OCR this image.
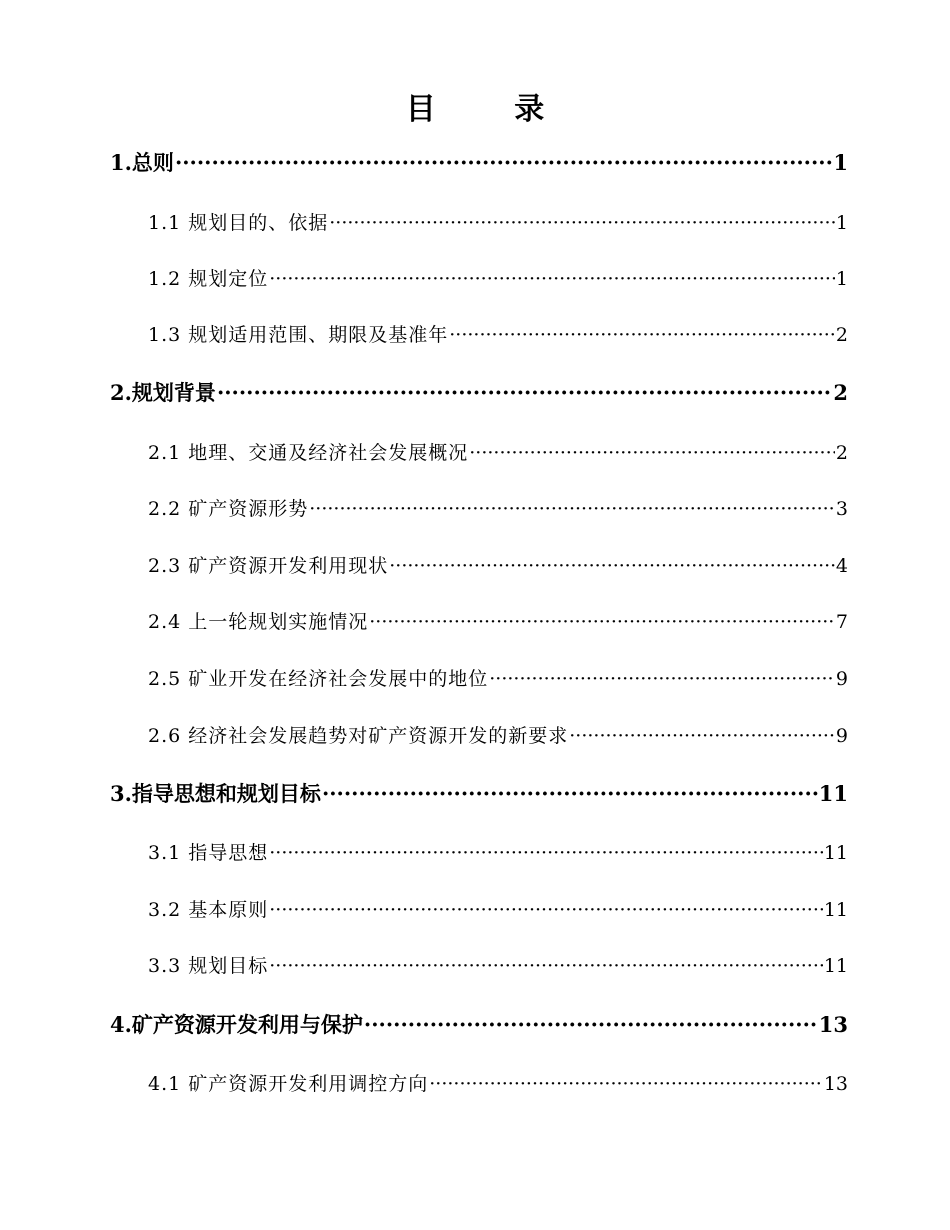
目 录
1.总则 ·····	1
1.1 规划目的、依据 ·····	1
1.2 规划定位 ·····	1
1.3 规划适用范围、期限及基准年 ·····	2
2.规划背景 ·····	2
2.1 地理、交通及经济社会发展概况 ·····	2
2.2 矿产资源形势 ·····	3
2.3 矿产资源开发利用现状 ·····	4
2.4 上一轮规划实施情况 ·····	7
2.5 矿业开发在经济社会发展中的地位 ·····	9
2.6 经济社会发展趋势对矿产资源开发的新要求 ·····	9
3.指导思想和规划目标 ·····	11
3.1 指导思想 ·····	11
3.2 基本原则 ·····	11
3.3 规划目标 ·····	11
4.矿产资源开发利用与保护 ·····	13
4.1 矿产资源开发利用调控方向 ·····	13
